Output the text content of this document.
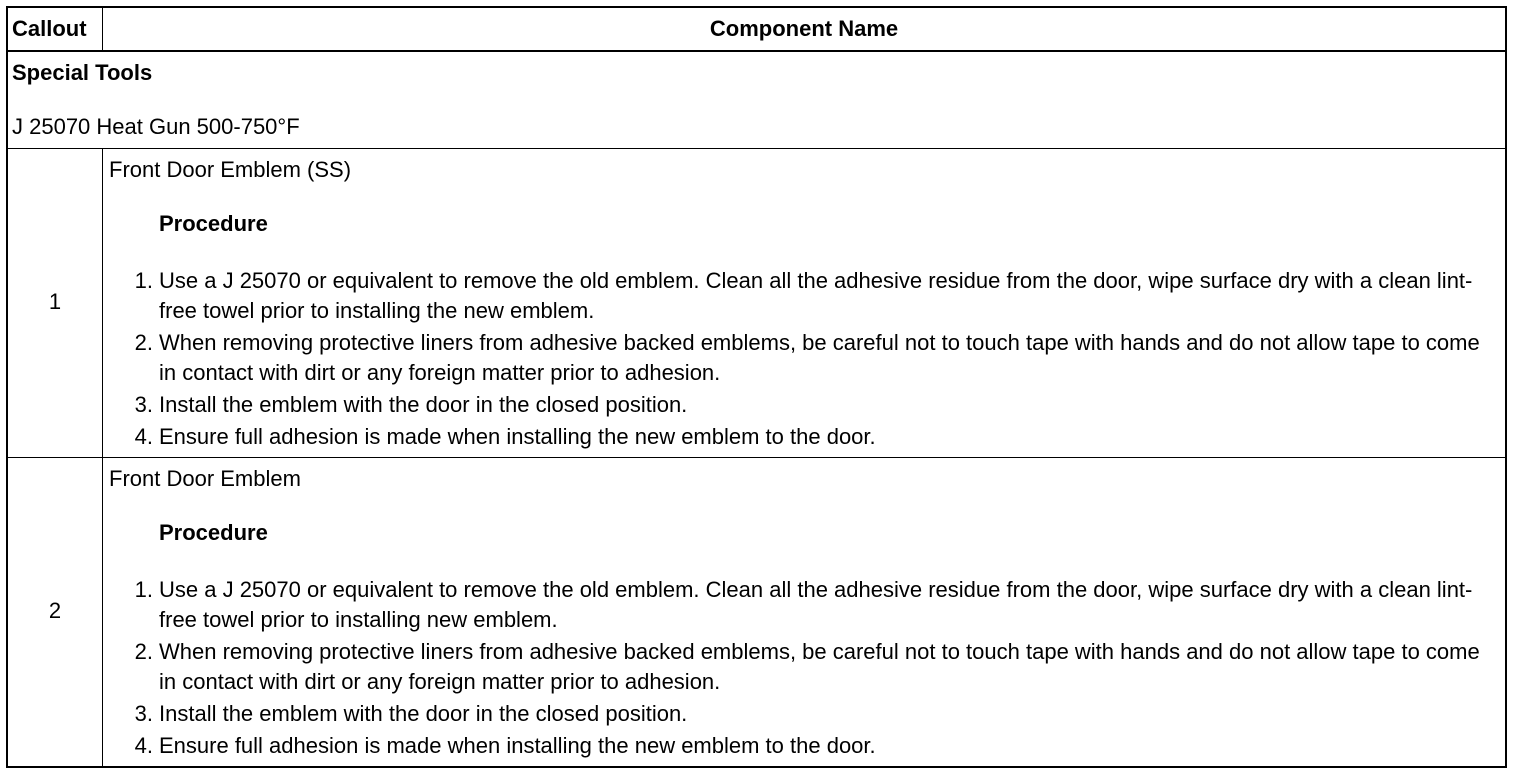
Callout	Component Name
Special Tools
J 25070 Heat Gun 500-750°F
1
Front Door Emblem (SS)
Procedure
1. Use a J 25070 or equivalent to remove the old emblem. Clean all the adhesive residue from the door, wipe surface dry with a clean lint-free towel prior to installing the new emblem.
2. When removing protective liners from adhesive backed emblems, be careful not to touch tape with hands and do not allow tape to come in contact with dirt or any foreign matter prior to adhesion.
3. Install the emblem with the door in the closed position.
4. Ensure full adhesion is made when installing the new emblem to the door.
2
Front Door Emblem
Procedure
1. Use a J 25070 or equivalent to remove the old emblem. Clean all the adhesive residue from the door, wipe surface dry with a clean lint-free towel prior to installing new emblem.
2. When removing protective liners from adhesive backed emblems, be careful not to touch tape with hands and do not allow tape to come in contact with dirt or any foreign matter prior to adhesion.
3. Install the emblem with the door in the closed position.
4. Ensure full adhesion is made when installing the new emblem to the door.
